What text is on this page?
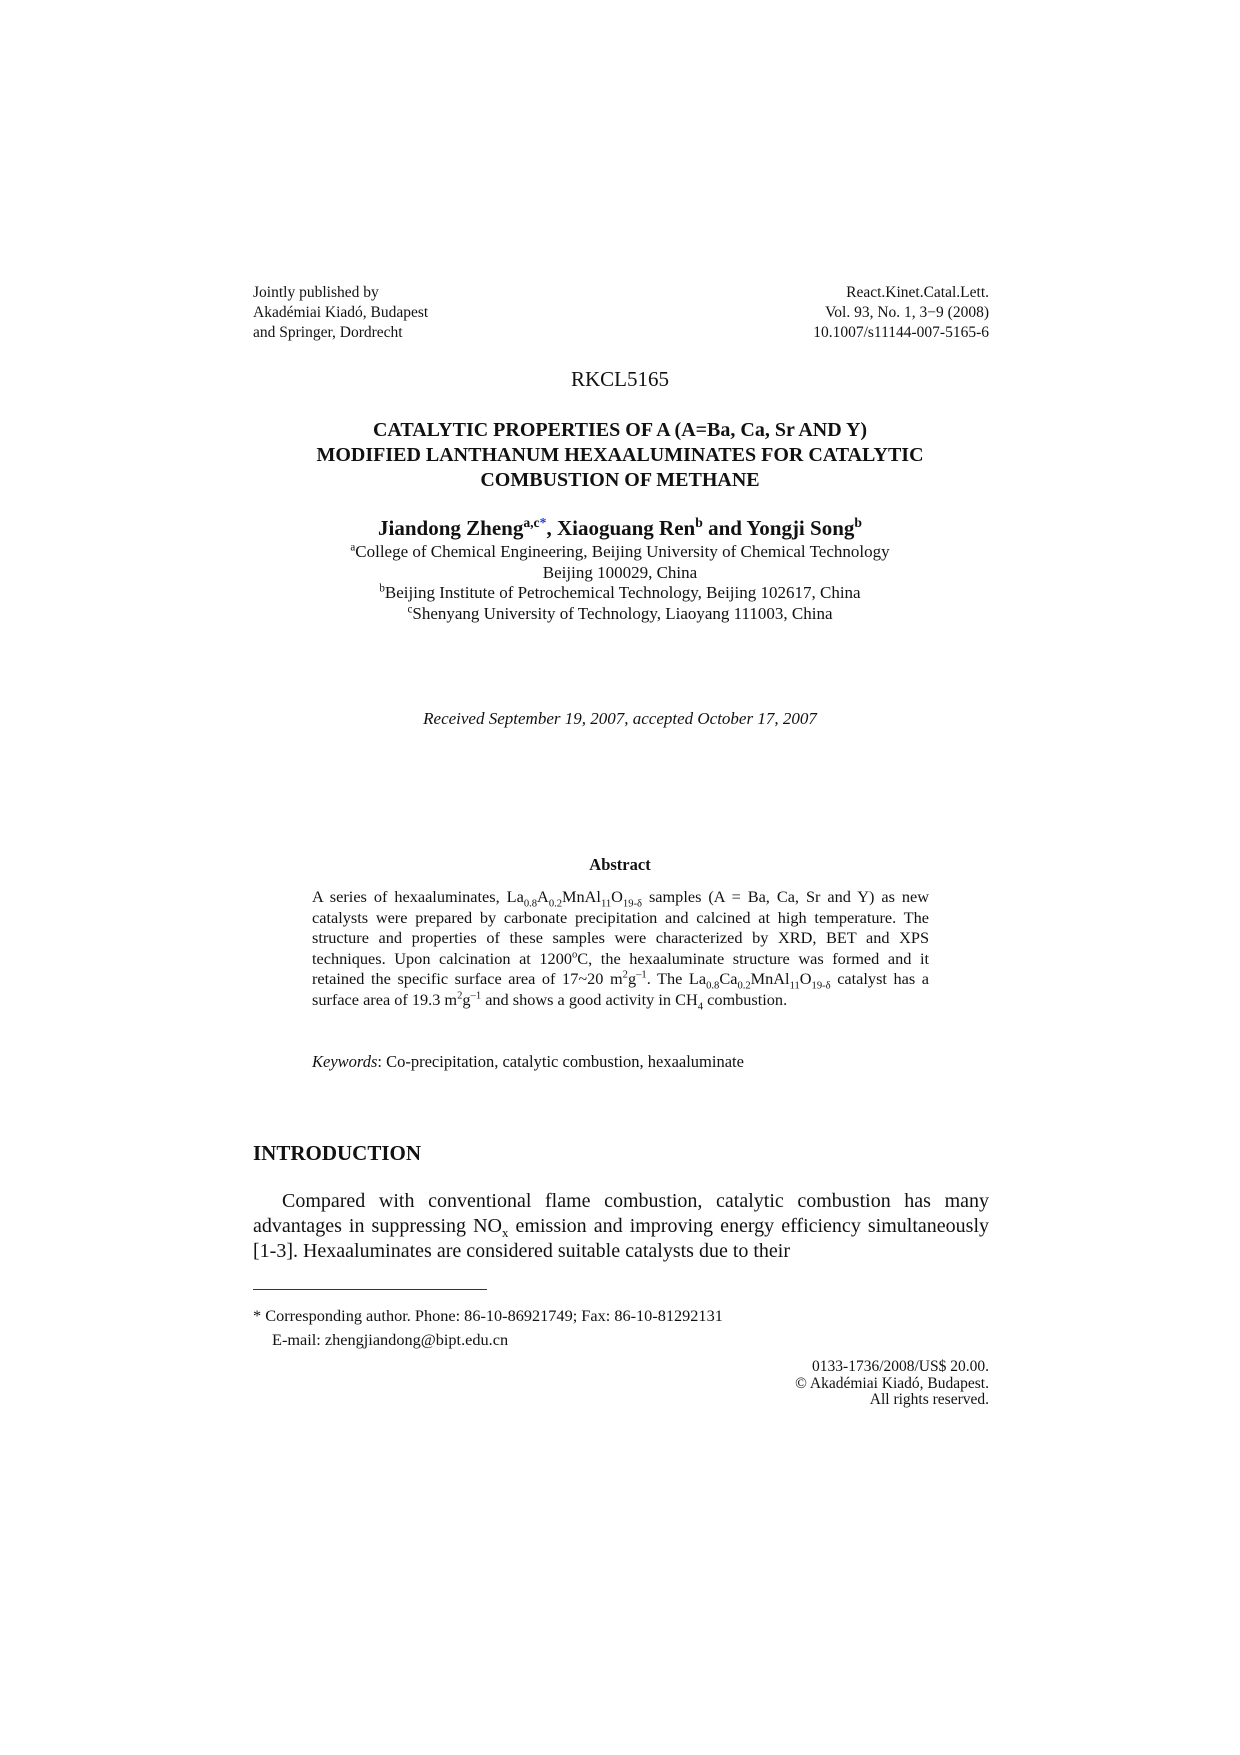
Jointly published by
Akadémiai Kiadó, Budapest
and Springer, Dordrecht
React.Kinet.Catal.Lett.
Vol. 93, No. 1, 3−9 (2008)
10.1007/s11144-007-5165-6
RKCL5165
CATALYTIC PROPERTIES OF A (A=Ba, Ca, Sr AND Y)
MODIFIED LANTHANUM HEXAALUMINATES FOR CATALYTIC
COMBUSTION OF METHANE
Jiandong Zheng$^{a,c*}$, Xiaoguang Ren$^b$ and Yongji Song$^b$
$^a$College of Chemical Engineering, Beijing University of Chemical Technology
Beijing 100029, China
$^b$Beijing Institute of Petrochemical Technology, Beijing 102617, China
$^c$Shenyang University of Technology, Liaoyang 111003, China
Received September 19, 2007, accepted October 17, 2007
Abstract
A series of hexaaluminates, $La_{0.8}A_{0.2}MnAl_{11}O_{19-\delta}$ samples (A = Ba, Ca, Sr and Y) as new catalysts were prepared by carbonate precipitation and calcined at high temperature. The structure and properties of these samples were characterized by XRD, BET and XPS techniques. Upon calcination at 1200$^o$C, the hexaaluminate structure was formed and it retained the specific surface area of 17~20 $m^2g^{-1}$. The $La_{0.8}Ca_{0.2}MnAl_{11}O_{19-\delta}$ catalyst has a surface area of 19.3 $m^2g^{-1}$ and shows a good activity in $CH_4$ combustion.
Keywords: Co-precipitation, catalytic combustion, hexaaluminate
INTRODUCTION
Compared with conventional flame combustion, catalytic combustion has many advantages in suppressing $NO_x$ emission and improving energy efficiency simultaneously [1-3]. Hexaaluminates are considered suitable catalysts due to their
* Corresponding author. Phone: 86-10-86921749; Fax: 86-10-81292131
E-mail: zhengjiandong@bipt.edu.cn
0133-1736/2008/US$ 20.00.
© Akadémiai Kiadó, Budapest.
All rights reserved.
